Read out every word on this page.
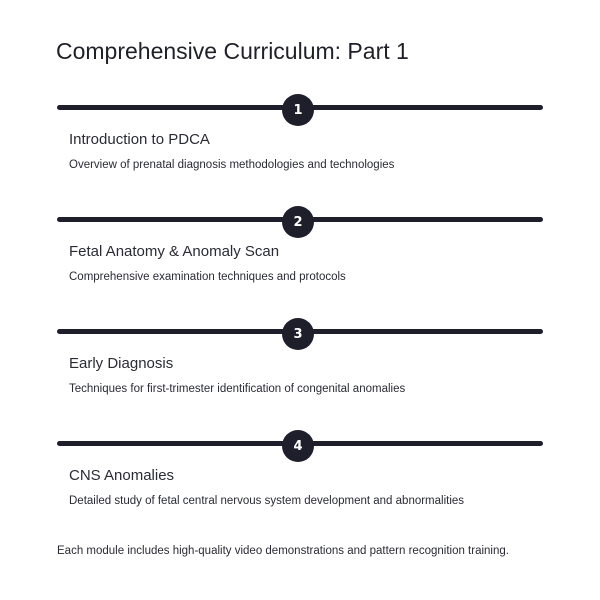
Comprehensive Curriculum: Part 1
1
Introduction to PDCA

Overview of prenatal diagnosis methodologies and technologies

2
Fetal Anatomy & Anomaly Scan

Comprehensive examination techniques and protocols

3
Early Diagnosis

Techniques for first-trimester identification of congenital anomalies

4
CNS Anomalies

Detailed study of fetal central nervous system development and abnormalities

Each module includes high-quality video demonstrations and pattern recognition training.
